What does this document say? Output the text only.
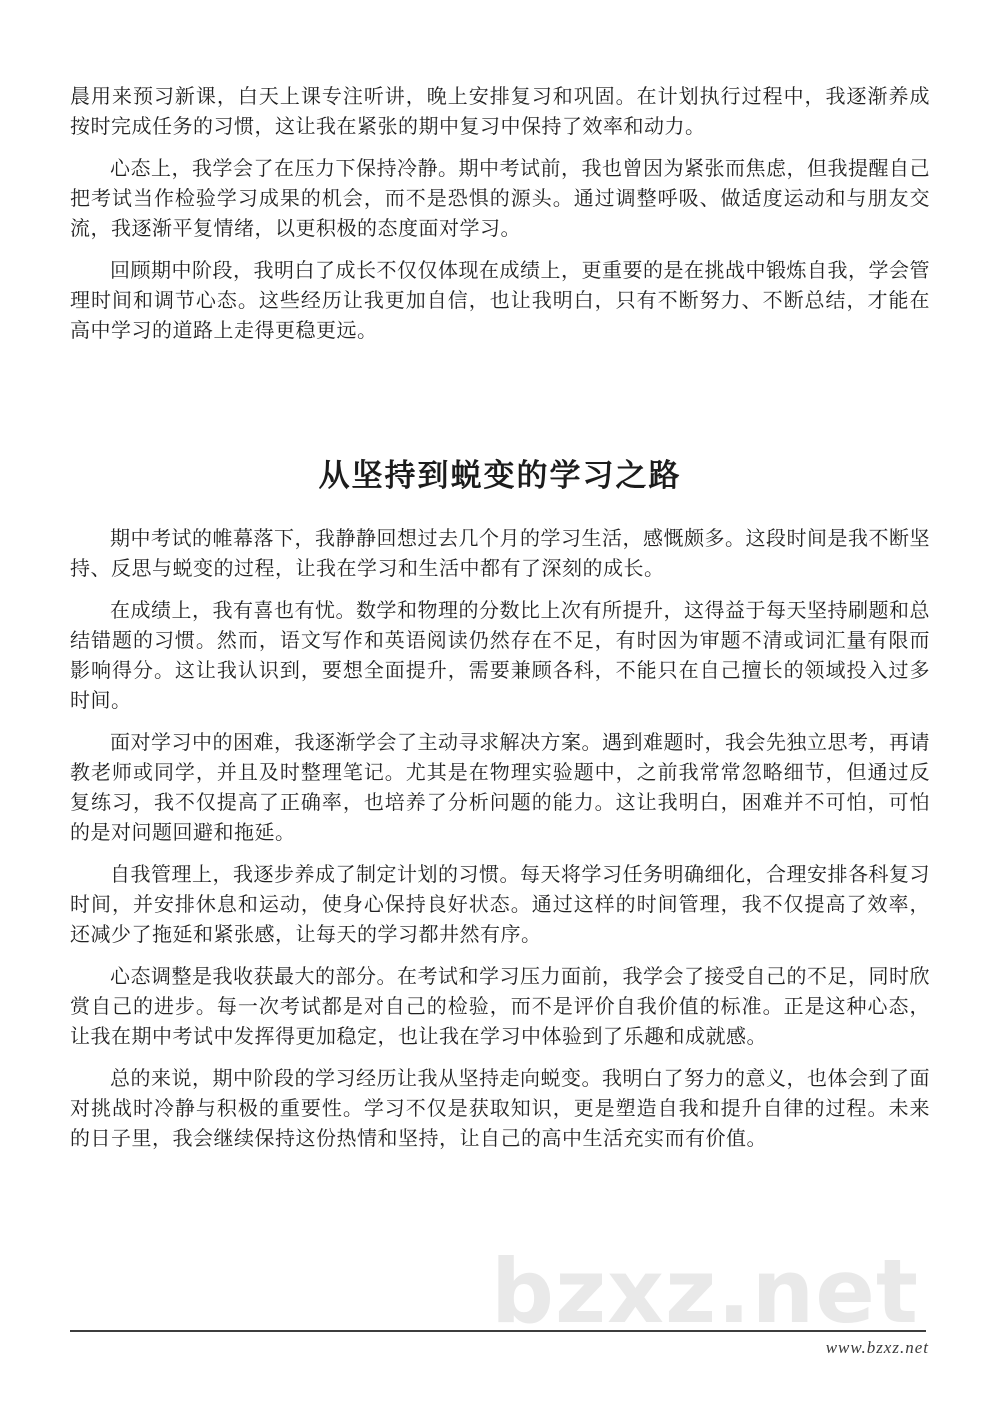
晨用来预习新课，白天上课专注听讲，晚上安排复习和巩固。在计划执行过程中，我逐渐养成按时完成任务的习惯，这让我在紧张的期中复习中保持了效率和动力。

心态上，我学会了在压力下保持冷静。期中考试前，我也曾因为紧张而焦虑，但我提醒自己把考试当作检验学习成果的机会，而不是恐惧的源头。通过调整呼吸、做适度运动和与朋友交流，我逐渐平复情绪，以更积极的态度面对学习。

回顾期中阶段，我明白了成长不仅仅体现在成绩上，更重要的是在挑战中锻炼自我，学会管理时间和调节心态。这些经历让我更加自信，也让我明白，只有不断努力、不断总结，才能在高中学习的道路上走得更稳更远。

从坚持到蜕变的学习之路

期中考试的帷幕落下，我静静回想过去几个月的学习生活，感慨颇多。这段时间是我不断坚持、反思与蜕变的过程，让我在学习和生活中都有了深刻的成长。

在成绩上，我有喜也有忧。数学和物理的分数比上次有所提升，这得益于每天坚持刷题和总结错题的习惯。然而，语文写作和英语阅读仍然存在不足，有时因为审题不清或词汇量有限而影响得分。这让我认识到，要想全面提升，需要兼顾各科，不能只在自己擅长的领域投入过多时间。

面对学习中的困难，我逐渐学会了主动寻求解决方案。遇到难题时，我会先独立思考，再请教老师或同学，并且及时整理笔记。尤其是在物理实验题中，之前我常常忽略细节，但通过反复练习，我不仅提高了正确率，也培养了分析问题的能力。这让我明白，困难并不可怕，可怕的是对问题回避和拖延。

自我管理上，我逐步养成了制定计划的习惯。每天将学习任务明确细化，合理安排各科复习时间，并安排休息和运动，使身心保持良好状态。通过这样的时间管理，我不仅提高了效率，还减少了拖延和紧张感，让每天的学习都井然有序。

心态调整是我收获最大的部分。在考试和学习压力面前，我学会了接受自己的不足，同时欣赏自己的进步。每一次考试都是对自己的检验，而不是评价自我价值的标准。正是这种心态，让我在期中考试中发挥得更加稳定，也让我在学习中体验到了乐趣和成就感。

总的来说，期中阶段的学习经历让我从坚持走向蜕变。我明白了努力的意义，也体会到了面对挑战时冷静与积极的重要性。学习不仅是获取知识，更是塑造自我和提升自律的过程。未来的日子里，我会继续保持这份热情和坚持，让自己的高中生活充实而有价值。

bzxz.net
www.bzxz.net
